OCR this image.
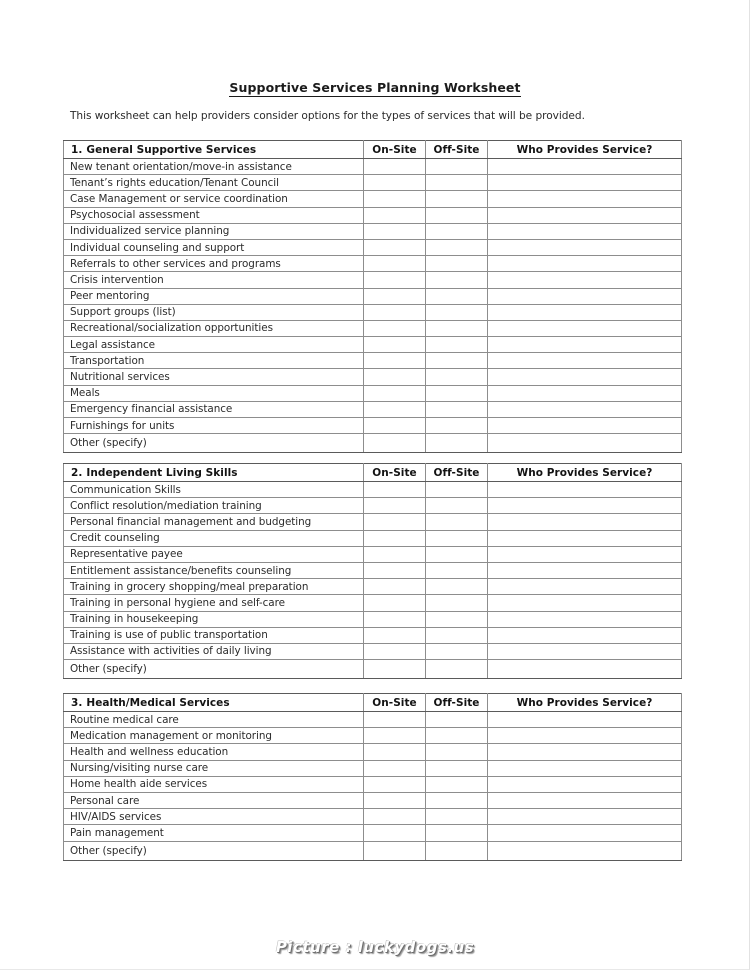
Supportive Services Planning Worksheet
This worksheet can help providers consider options for the types of services that will be provided.
1. General Supportive Services	On-Site	Off-Site	Who Provides Service?
New tenant orientation/move-in assistance			
Tenant’s rights education/Tenant Council			
Case Management or service coordination			
Psychosocial assessment			
Individualized service planning			
Individual counseling and support			
Referrals to other services and programs			
Crisis intervention			
Peer mentoring			
Support groups (list)			
Recreational/socialization opportunities			
Legal assistance			
Transportation			
Nutritional services			
Meals			
Emergency financial assistance			
Furnishings for units			
Other (specify)			
2. Independent Living Skills	On-Site	Off-Site	Who Provides Service?
Communication Skills			
Conflict resolution/mediation training			
Personal financial management and budgeting			
Credit counseling			
Representative payee			
Entitlement assistance/benefits counseling			
Training in grocery shopping/meal preparation			
Training in personal hygiene and self-care			
Training in housekeeping			
Training is use of public transportation			
Assistance with activities of daily living			
Other (specify)			
3. Health/Medical Services	On-Site	Off-Site	Who Provides Service?
Routine medical care			
Medication management or monitoring			
Health and wellness education			
Nursing/visiting nurse care			
Home health aide services			
Personal care			
HIV/AIDS services			
Pain management			
Other (specify)			
Picture : luckydogs.us
